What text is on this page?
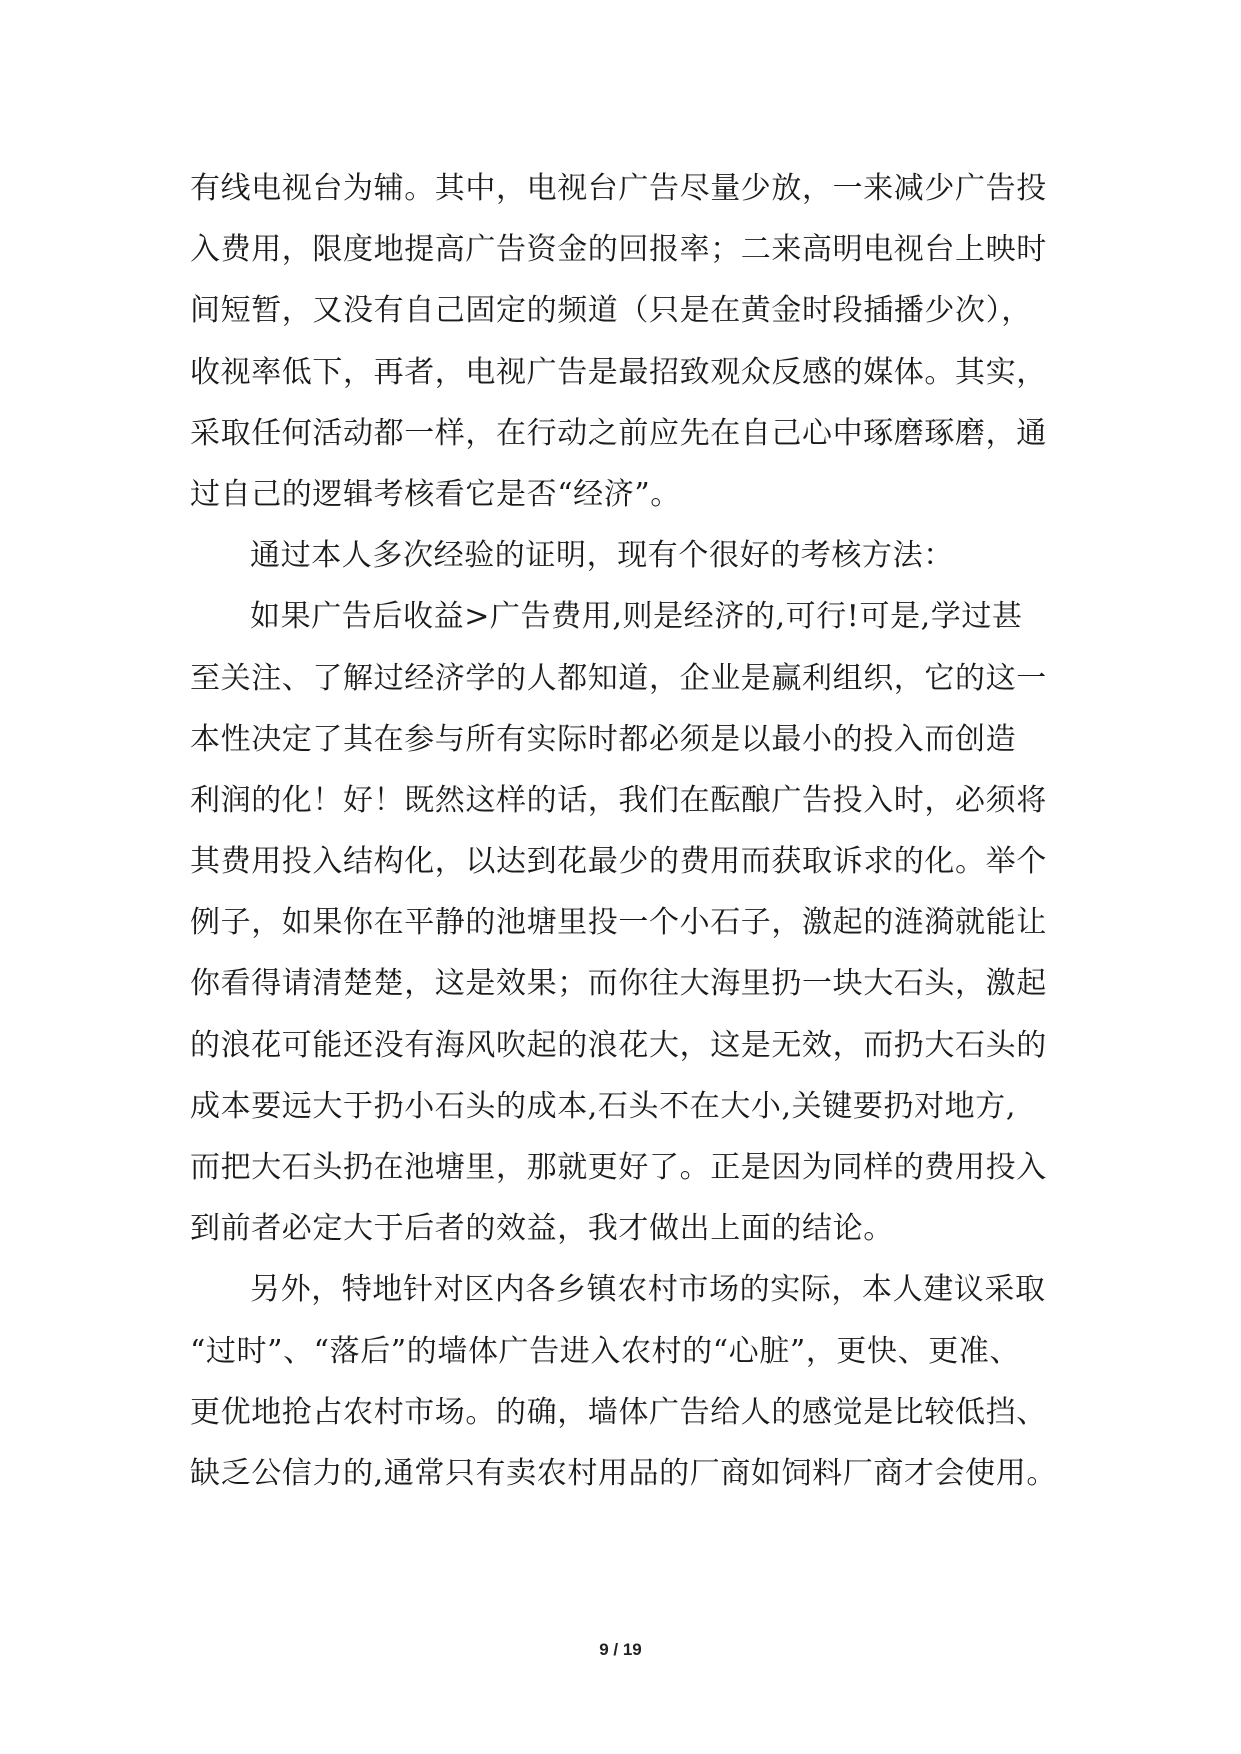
有线电视台为辅。其中，电视台广告尽量少放，一来减少广告投
入费用，限度地提高广告资金的回报率；二来高明电视台上映时
间短暂，又没有自己固定的频道（只是在黄金时段插播少次），
收视率低下，再者，电视广告是最招致观众反感的媒体。其实，
采取任何活动都一样，在行动之前应先在自己心中琢磨琢磨，通
过自己的逻辑考核看它是否“经济”。
通过本人多次经验的证明，现有个很好的考核方法：
如果广告后收益>广告费用,则是经济的,可行!可是,学过甚
至关注、了解过经济学的人都知道，企业是赢利组织，它的这一
本性决定了其在参与所有实际时都必须是以最小的投入而创造
利润的化！好！既然这样的话，我们在酝酿广告投入时，必须将
其费用投入结构化，以达到花最少的费用而获取诉求的化。举个
例子，如果你在平静的池塘里投一个小石子，激起的涟漪就能让
你看得请清楚楚，这是效果；而你往大海里扔一块大石头，激起
的浪花可能还没有海风吹起的浪花大，这是无效，而扔大石头的
成本要远大于扔小石头的成本,石头不在大小,关键要扔对地方,
而把大石头扔在池塘里，那就更好了。正是因为同样的费用投入
到前者必定大于后者的效益，我才做出上面的结论。
另外，特地针对区内各乡镇农村市场的实际，本人建议采取
“过时”、“落后”的墙体广告进入农村的“心脏”，更快、更准、
更优地抢占农村市场。的确，墙体广告给人的感觉是比较低挡、
缺乏公信力的,通常只有卖农村用品的厂商如饲料厂商才会使用。
9 / 19
